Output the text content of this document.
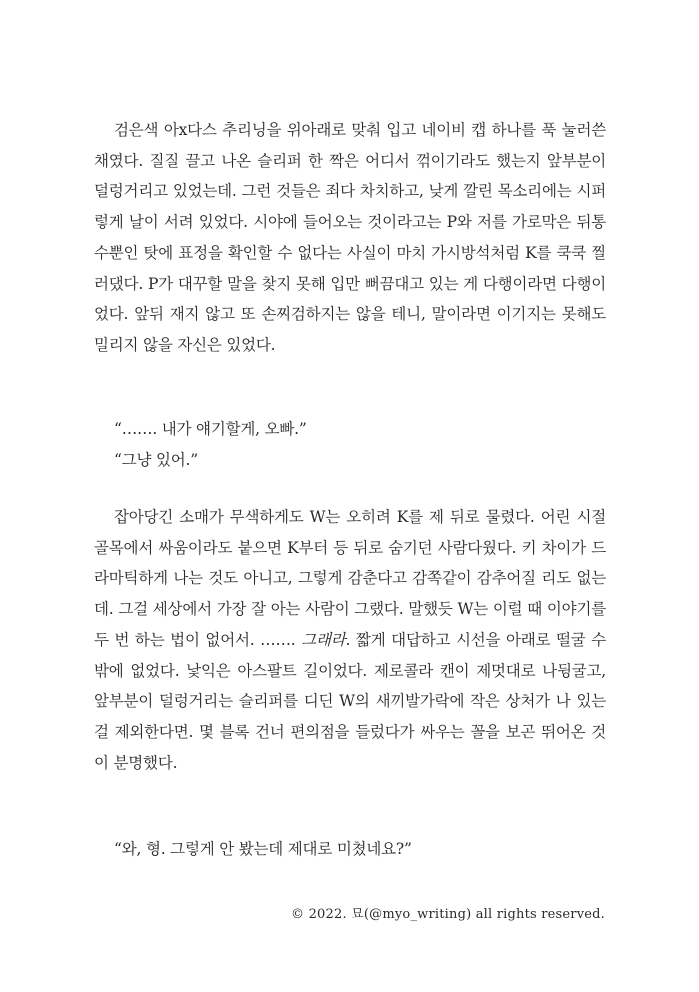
검은색 아x다스 추리닝을 위아래로 맞춰 입고 네이비 캡 하나를 푹 눌러쓴 채였다. 질질 끌고 나온 슬리퍼 한 짝은 어디서 꺾이기라도 했는지 앞부분이 덜렁거리고 있었는데. 그런 것들은 죄다 차치하고, 낮게 깔린 목소리에는 시퍼렇게 날이 서려 있었다. 시야에 들어오는 것이라고는 P와 저를 가로막은 뒤통수뿐인 탓에 표정을 확인할 수 없다는 사실이 마치 가시방석처럼 K를 쿡쿡 찔러댔다. P가 대꾸할 말을 찾지 못해 입만 뻐끔대고 있는 게 다행이라면 다행이었다. 앞뒤 재지 않고 또 손찌검하지는 않을 테니, 말이라면 이기지는 못해도 밀리지 않을 자신은 있었다.

“……. 내가 얘기할게, 오빠.”

“그냥 있어.”

잡아당긴 소매가 무색하게도 W는 오히려 K를 제 뒤로 물렸다. 어린 시절 골목에서 싸움이라도 붙으면 K부터 등 뒤로 숨기던 사람다웠다. 키 차이가 드라마틱하게 나는 것도 아니고, 그렇게 감춘다고 감쪽같이 감추어질 리도 없는데. 그걸 세상에서 가장 잘 아는 사람이 그랬다. 말했듯 W는 이럴 때 이야기를 두 번 하는 법이 없어서. ……. 그래라. 짧게 대답하고 시선을 아래로 떨굴 수밖에 없었다. 낯익은 아스팔트 길이었다. 제로콜라 캔이 제멋대로 나뒹굴고, 앞부분이 덜렁거리는 슬리퍼를 디딘 W의 새끼발가락에 작은 상처가 나 있는 걸 제외한다면. 몇 블록 건너 편의점을 들렀다가 싸우는 꼴을 보곤 뛰어온 것이 분명했다.

“와, 형. 그렇게 안 봤는데 제대로 미쳤네요?”

© 2022. 묘(@myo_writing) all rights reserved.
